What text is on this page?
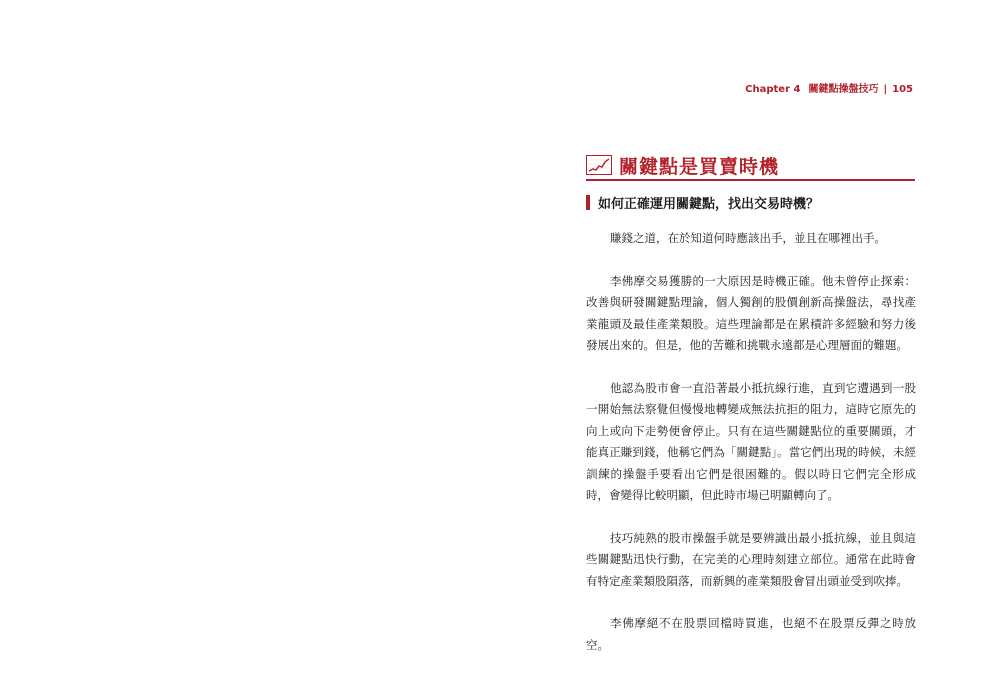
Chapter 4 關鍵點操盤技巧 | 105
關鍵點是買賣時機
如何正確運用關鍵點，找出交易時機？

賺錢之道，在於知道何時應該出手，並且在哪裡出手。

李佛摩交易獲勝的一大原因是時機正確。他未曾停止探索：改善與研發關鍵點理論，個人獨創的股價創新高操盤法，尋找產業龍頭及最佳產業類股。這些理論都是在累積許多經驗和努力後發展出來的。但是，他的苦難和挑戰永遠都是心理層面的難題。

他認為股市會一直沿著最小抵抗線行進，直到它遭遇到一股一開始無法察覺但慢慢地轉變成無法抗拒的阻力，這時它原先的向上或向下走勢便會停止。只有在這些關鍵點位的重要關頭，才能真正賺到錢，他稱它們為「關鍵點」。當它們出現的時候，未經訓練的操盤手要看出它們是很困難的。假以時日它們完全形成時，會變得比較明顯，但此時市場已明顯轉向了。

技巧純熟的股市操盤手就是要辨識出最小抵抗線，並且與這些關鍵點迅快行動，在完美的心理時刻建立部位。通常在此時會有特定產業類股隕落，而新興的產業類股會冒出頭並受到吹捧。

李佛摩絕不在股票回檔時買進，也絕不在股票反彈之時放空。
